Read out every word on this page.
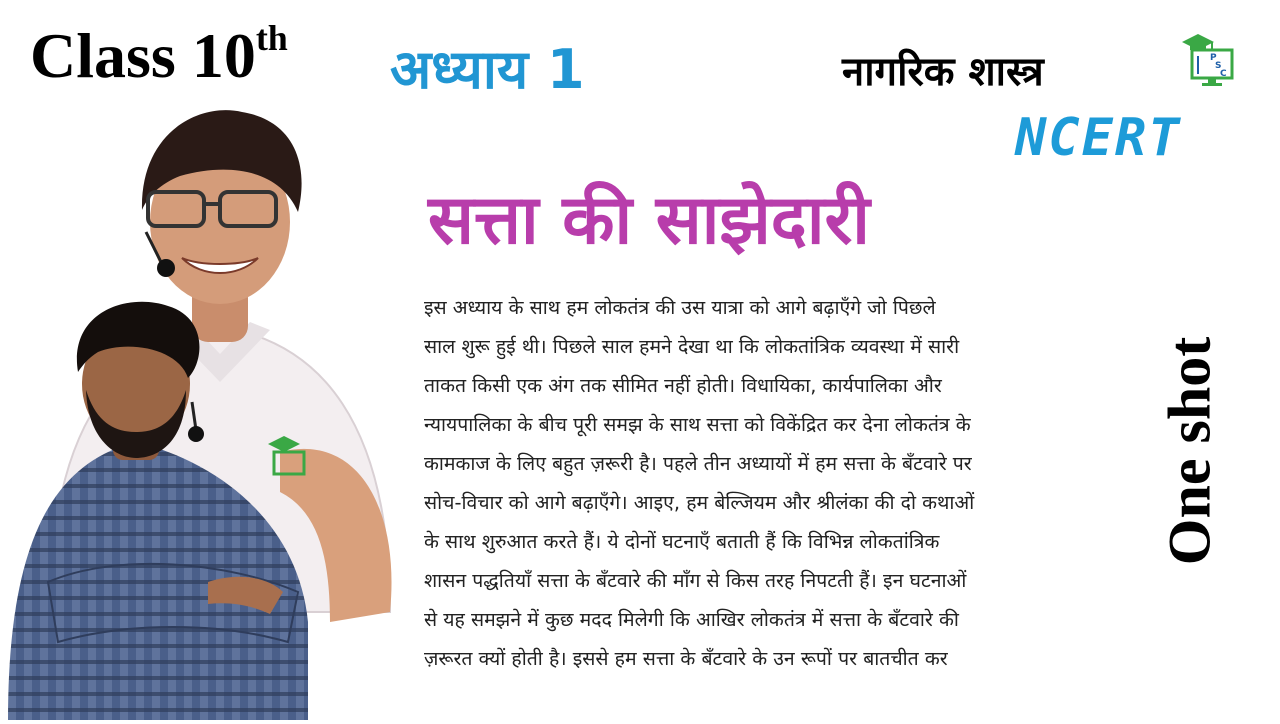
Class 10th अध्याय 1	नागरिक शास्त्र
NCERT
P
S
C
सत्ता की साझेदारी
इस अध्याय के साथ हम लोकतंत्र की उस यात्रा को आगे बढ़ाएँगे जो पिछले
साल शुरू हुई थी। पिछले साल हमने देखा था कि लोकतांत्रिक व्यवस्था में सारी
ताकत किसी एक अंग तक सीमित नहीं होती। विधायिका, कार्यपालिका और
न्यायपालिका के बीच पूरी समझ के साथ सत्ता को विकेंद्रित कर देना लोकतंत्र के
कामकाज के लिए बहुत ज़रूरी है। पहले तीन अध्यायों में हम सत्ता के बँटवारे पर
सोच-विचार को आगे बढ़ाएँगे। आइए, हम बेल्जियम और श्रीलंका की दो कथाओं
के साथ शुरुआत करते हैं। ये दोनों घटनाएँ बताती हैं कि विभिन्न लोकतांत्रिक
शासन पद्धतियाँ सत्ता के बँटवारे की माँग से किस तरह निपटती हैं। इन घटनाओं
से यह समझने में कुछ मदद मिलेगी कि आखिर लोकतंत्र में सत्ता के बँटवारे की
ज़रूरत क्यों होती है। इससे हम सत्ता के बँटवारे के उन रूपों पर बातचीत कर
One shot
